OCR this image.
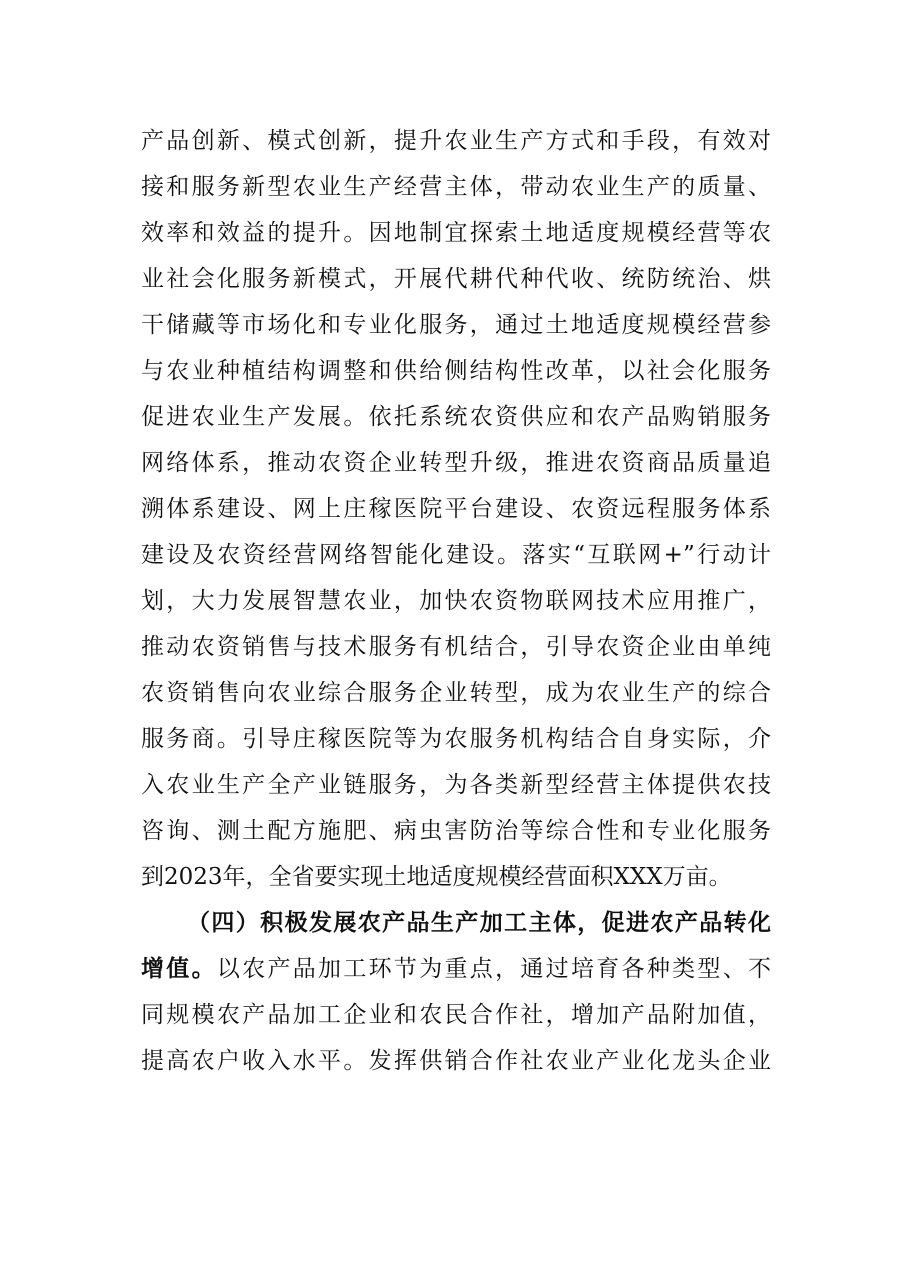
产品创新、模式创新，提升农业生产方式和手段，有效对
接和服务新型农业生产经营主体，带动农业生产的质量、
效率和效益的提升。因地制宜探索土地适度规模经营等农
业社会化服务新模式，开展代耕代种代收、统防统治、烘
干储藏等市场化和专业化服务，通过土地适度规模经营参
与农业种植结构调整和供给侧结构性改革，以社会化服务
促进农业生产发展。依托系统农资供应和农产品购销服务
网络体系，推动农资企业转型升级，推进农资商品质量追
溯体系建设、网上庄稼医院平台建设、农资远程服务体系
建设及农资经营网络智能化建设。落实“互联网+”行动计
划，大力发展智慧农业，加快农资物联网技术应用推广，
推动农资销售与技术服务有机结合，引导农资企业由单纯
农资销售向农业综合服务企业转型，成为农业生产的综合
服务商。引导庄稼医院等为农服务机构结合自身实际，介
入农业生产全产业链服务，为各类新型经营主体提供农技
咨询、测土配方施肥、病虫害防治等综合性和专业化服务
到2023年，全省要实现土地适度规模经营面积XXX万亩。
（四）积极发展农产品生产加工主体，促进农产品转化
增值。以农产品加工环节为重点，通过培育各种类型、不
同规模农产品加工企业和农民合作社，增加产品附加值，
提高农户收入水平。发挥供销合作社农业产业化龙头企业
